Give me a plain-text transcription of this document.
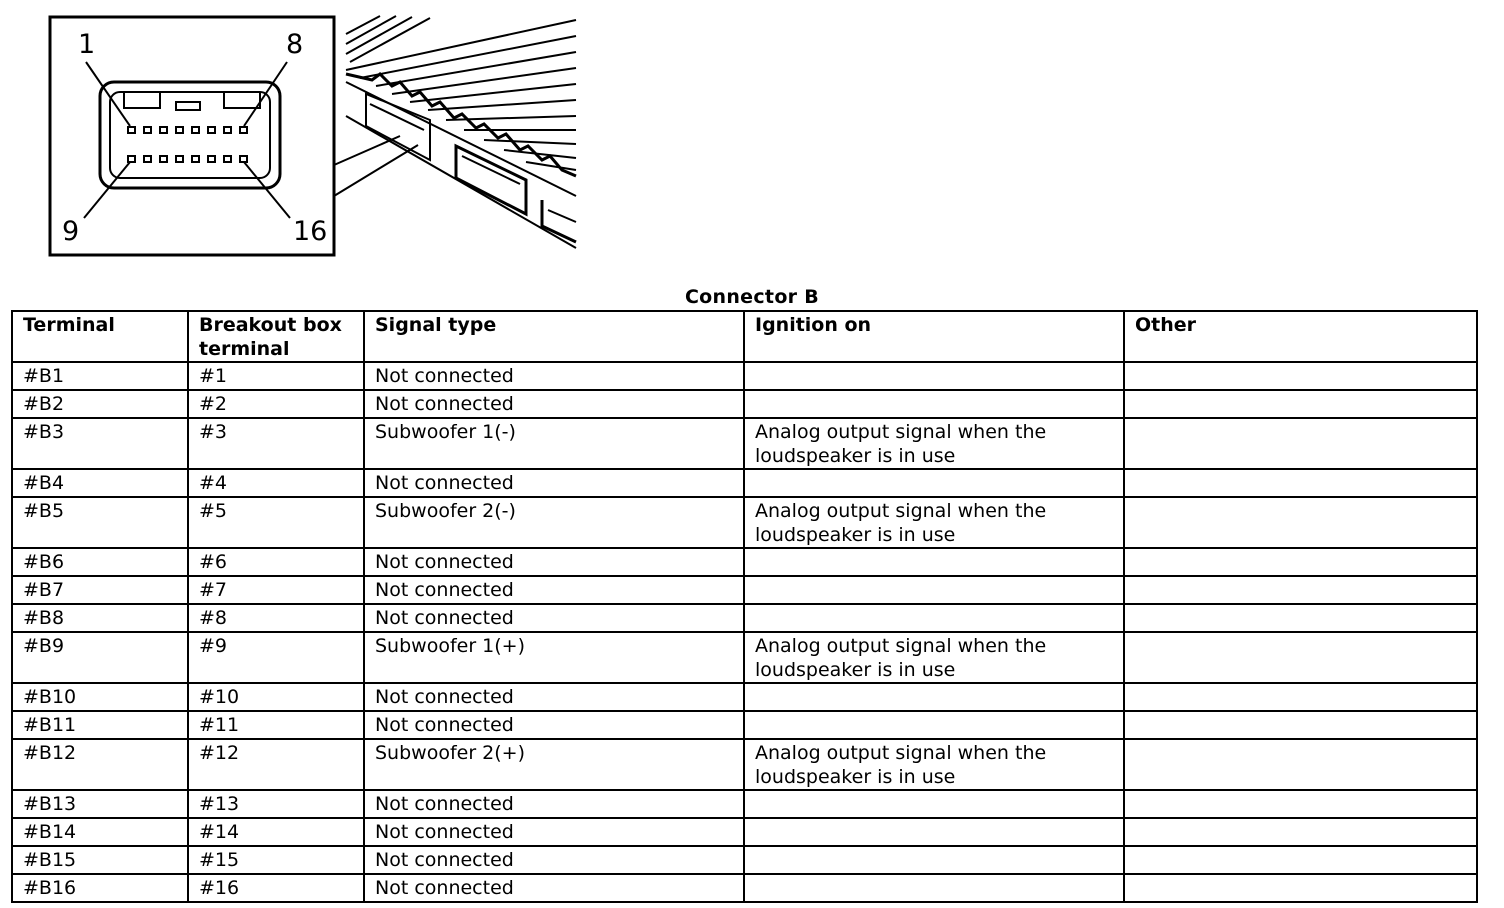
1	8
9	16
Connector B
Terminal	Breakout box terminal	Signal type	Ignition on	Other
#B1	#1	Not connected		
#B2	#2	Not connected		
#B3	#3	Subwoofer 1(-)	Analog output signal when the loudspeaker is in use	
#B4	#4	Not connected		
#B5	#5	Subwoofer 2(-)	Analog output signal when the loudspeaker is in use	
#B6	#6	Not connected		
#B7	#7	Not connected		
#B8	#8	Not connected		
#B9	#9	Subwoofer 1(+)	Analog output signal when the loudspeaker is in use	
#B10	#10	Not connected		
#B11	#11	Not connected		
#B12	#12	Subwoofer 2(+)	Analog output signal when the loudspeaker is in use	
#B13	#13	Not connected		
#B14	#14	Not connected		
#B15	#15	Not connected		
#B16	#16	Not connected		
